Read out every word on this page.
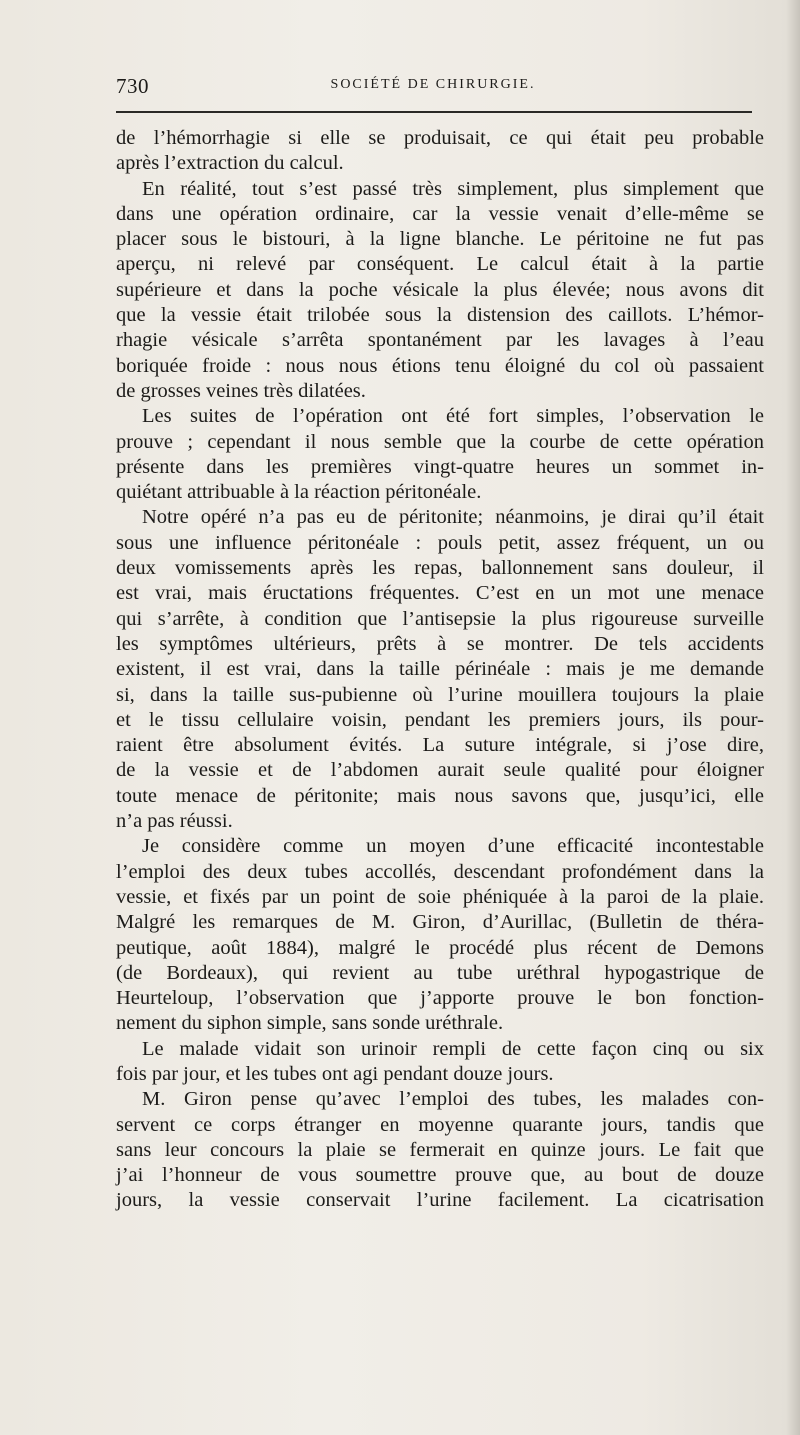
730	SOCIÉTÉ DE CHIRURGIE.
de l’hémorrhagie si elle se produisait, ce qui était peu probable
après l’extraction du calcul.
En réalité, tout s’est passé très simplement, plus simplement que
dans une opération ordinaire, car la vessie venait d’elle-même se
placer sous le bistouri, à la ligne blanche. Le péritoine ne fut pas
aperçu, ni relevé par conséquent. Le calcul était à la partie
supérieure et dans la poche vésicale la plus élevée; nous avons dit
que la vessie était trilobée sous la distension des caillots. L’hémor-
rhagie vésicale s’arrêta spontanément par les lavages à l’eau
boriquée froide : nous nous étions tenu éloigné du col où passaient
de grosses veines très dilatées.
Les suites de l’opération ont été fort simples, l’observation le
prouve ; cependant il nous semble que la courbe de cette opération
présente dans les premières vingt-quatre heures un sommet in-
quiétant attribuable à la réaction péritonéale.
Notre opéré n’a pas eu de péritonite; néanmoins, je dirai qu’il était
sous une influence péritonéale : pouls petit, assez fréquent, un ou
deux vomissements après les repas, ballonnement sans douleur, il
est vrai, mais éructations fréquentes. C’est en un mot une menace
qui s’arrête, à condition que l’antisepsie la plus rigoureuse surveille
les symptômes ultérieurs, prêts à se montrer. De tels accidents
existent, il est vrai, dans la taille périnéale : mais je me demande
si, dans la taille sus-pubienne où l’urine mouillera toujours la plaie
et le tissu cellulaire voisin, pendant les premiers jours, ils pour-
raient être absolument évités. La suture intégrale, si j’ose dire,
de la vessie et de l’abdomen aurait seule qualité pour éloigner
toute menace de péritonite; mais nous savons que, jusqu’ici, elle
n’a pas réussi.
Je considère comme un moyen d’une efficacité incontestable
l’emploi des deux tubes accollés, descendant profondément dans la
vessie, et fixés par un point de soie phéniquée à la paroi de la plaie.
Malgré les remarques de M. Giron, d’Aurillac, (Bulletin de théra-
peutique, août 1884), malgré le procédé plus récent de Demons
(de Bordeaux), qui revient au tube uréthral hypogastrique de
Heurteloup, l’observation que j’apporte prouve le bon fonction-
nement du siphon simple, sans sonde uréthrale.
Le malade vidait son urinoir rempli de cette façon cinq ou six
fois par jour, et les tubes ont agi pendant douze jours.
M. Giron pense qu’avec l’emploi des tubes, les malades con-
servent ce corps étranger en moyenne quarante jours, tandis que
sans leur concours la plaie se fermerait en quinze jours. Le fait que
j’ai l’honneur de vous soumettre prouve que, au bout de douze
jours, la vessie conservait l’urine facilement. La cicatrisation
